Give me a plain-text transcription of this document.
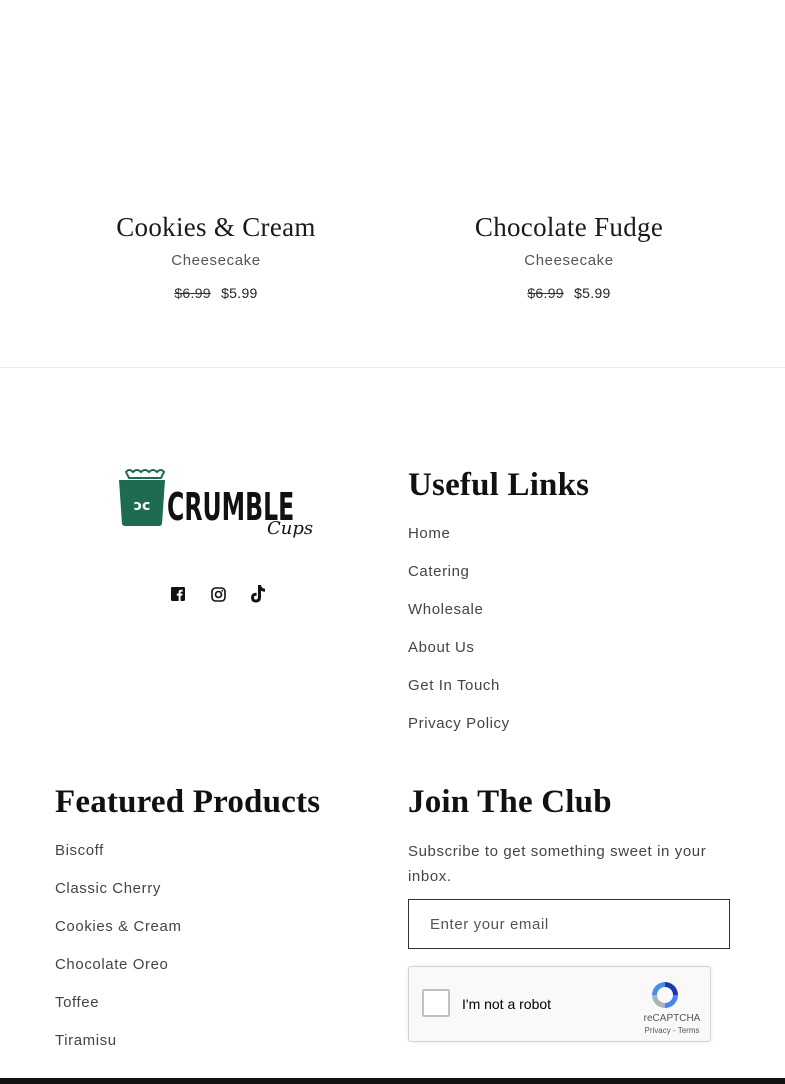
Cookies & Cream
Cheesecake
$6.99 $5.99
Chocolate Fudge
Cheesecake
$6.99 $5.99
ↄc CRUMBLE
Cups
Useful Links
Home
Catering
Wholesale
About Us
Get In Touch
Privacy Policy
Featured Products
Biscoff
Classic Cherry
Cookies & Cream
Chocolate Oreo
Toffee
Tiramisu
Join The Club

Subscribe to get something sweet in your inbox.

Enter your email
I'm not a robot
reCAPTCHA
Privacy - Terms
